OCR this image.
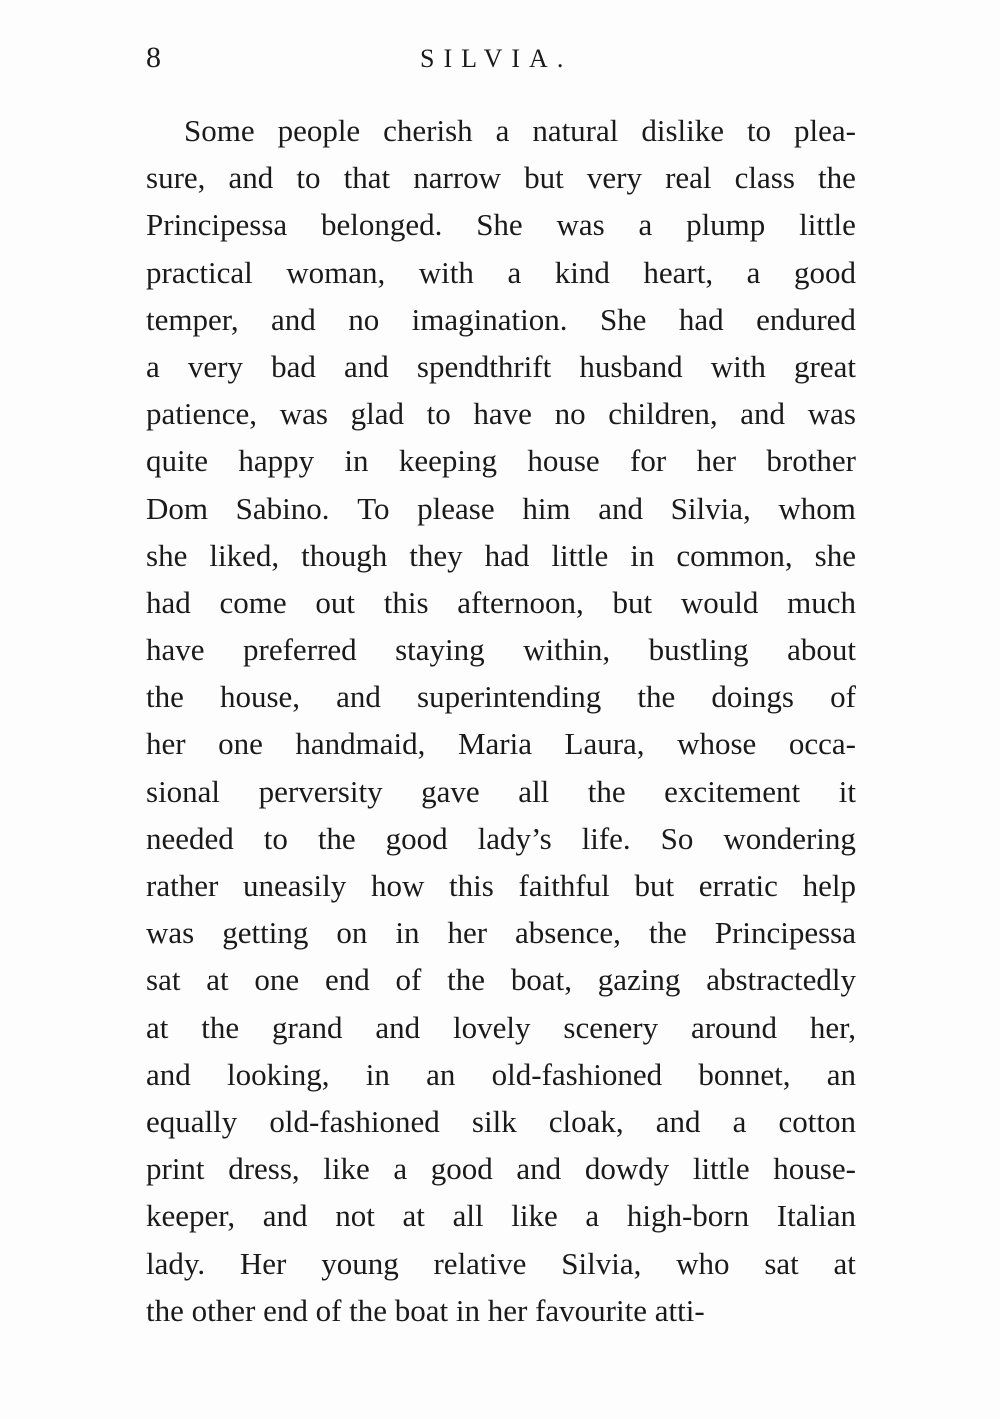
8	SILVIA.
Some people cherish a natural dislike to plea-
sure, and to that narrow but very real class the
Principessa belonged. She was a plump little
practical woman, with a kind heart, a good
temper, and no imagination. She had endured
a very bad and spendthrift husband with great
patience, was glad to have no children, and was
quite happy in keeping house for her brother
Dom Sabino. To please him and Silvia, whom
she liked, though they had little in common, she
had come out this afternoon, but would much
have preferred staying within, bustling about
the house, and superintending the doings of
her one handmaid, Maria Laura, whose occa-
sional perversity gave all the excitement it
needed to the good lady’s life. So wondering
rather uneasily how this faithful but erratic help
was getting on in her absence, the Principessa
sat at one end of the boat, gazing abstractedly
at the grand and lovely scenery around her,
and looking, in an old-fashioned bonnet, an
equally old-fashioned silk cloak, and a cotton
print dress, like a good and dowdy little house-
keeper, and not at all like a high-born Italian
lady. Her young relative Silvia, who sat at
the other end of the boat in her favourite atti-
